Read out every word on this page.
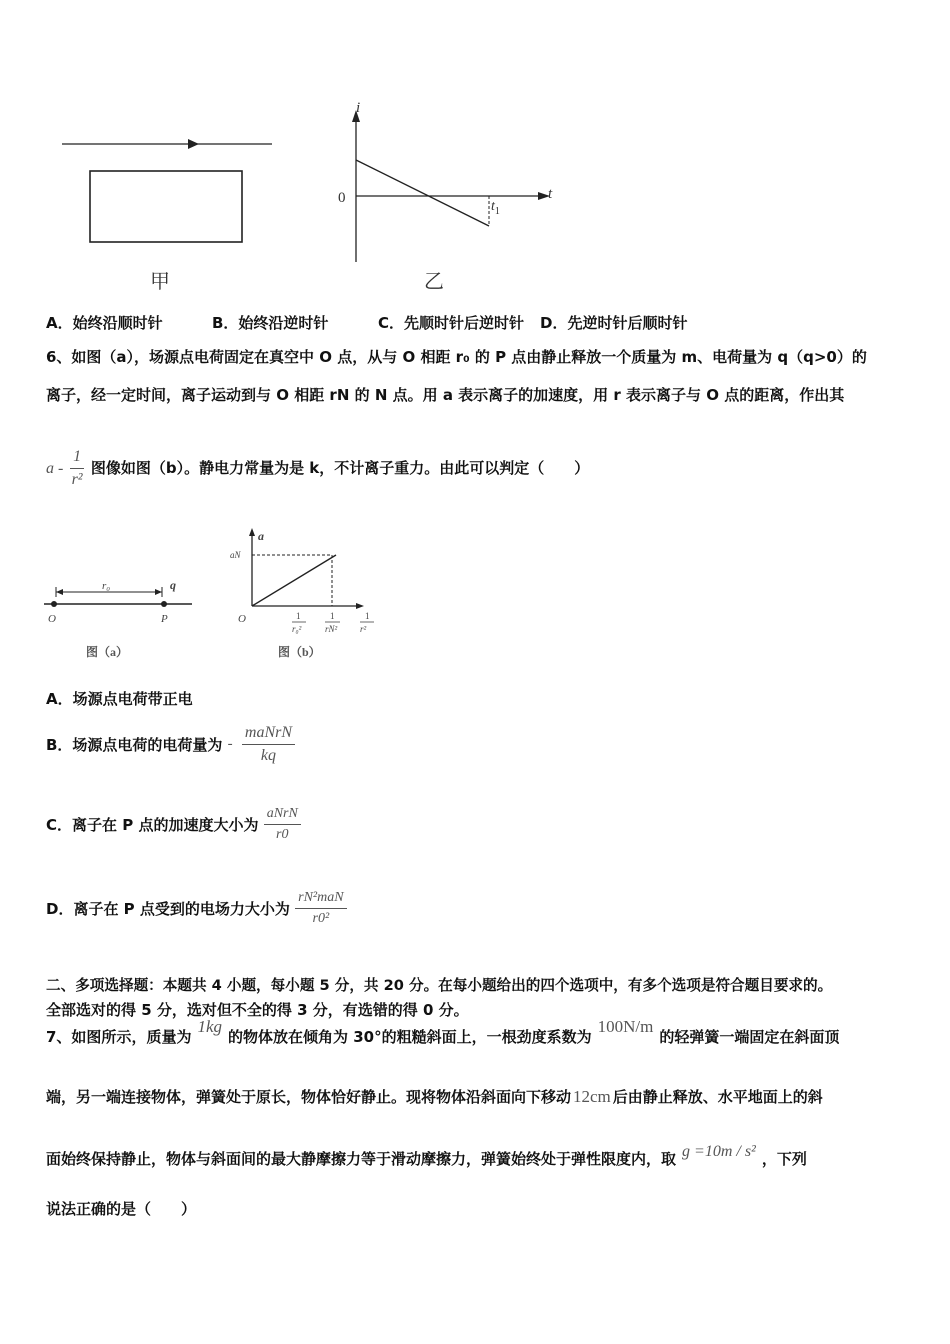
甲
i
t
0
$t_1$
乙
A．始终沿顺时针	B．始终沿逆时针	C．先顺时针后逆时针 D．先逆时针后顺时针
6、如图（a），场源点电荷固定在真空中 O 点，从与 O 相距 r₀ 的 P 点由静止释放一个质量为 m、电荷量为 q（q>0）的
离子，经一定时间，离子运动到与 O 相距 rN 的 N 点。用 a 表示离子的加速度，用 r 表示离子与 O 点的距离，作出其
a - $\frac{1}{\text{r²}}$ 图像如图（b）。静电力常量为是 k，不计离子重力。由此可以判定（　　）
r₀	q
O	P
图（a）
a
aN
O	1
r₀²
1
rN²
1
r²
图（b）
A．场源点电荷带正电
B．场源点电荷的电荷量为 - $\frac{\text{maNrN}}{kq}$
C．离子在 P 点的加速度大小为 $\frac{\text{aNrN}}{r0}$
D．离子在 P 点受到的电场力大小为 $\frac{\text{rN²maN}}{\text{r0²}}$
二、多项选择题：本题共 4 小题，每小题 5 分，共 20 分。在每小题给出的四个选项中，有多个选项是符合题目要求的。
全部选对的得 5 分，选对但不全的得 3 分，有选错的得 0 分。
7、如图所示，质量为1kg的物体放在倾角为 30°的粗糙斜面上，一根劲度系数为100N/m的轻弹簧一端固定在斜面顶
端，另一端连接物体，弹簧处于原长，物体恰好静止。现将物体沿斜面向下移动 12cm 后由静止释放、水平地面上的斜
面始终保持静止，物体与斜面间的最大静摩擦力等于滑动摩擦力，弹簧始终处于弹性限度内，取 g =10m / s² ，下列
说法正确的是（　　）
